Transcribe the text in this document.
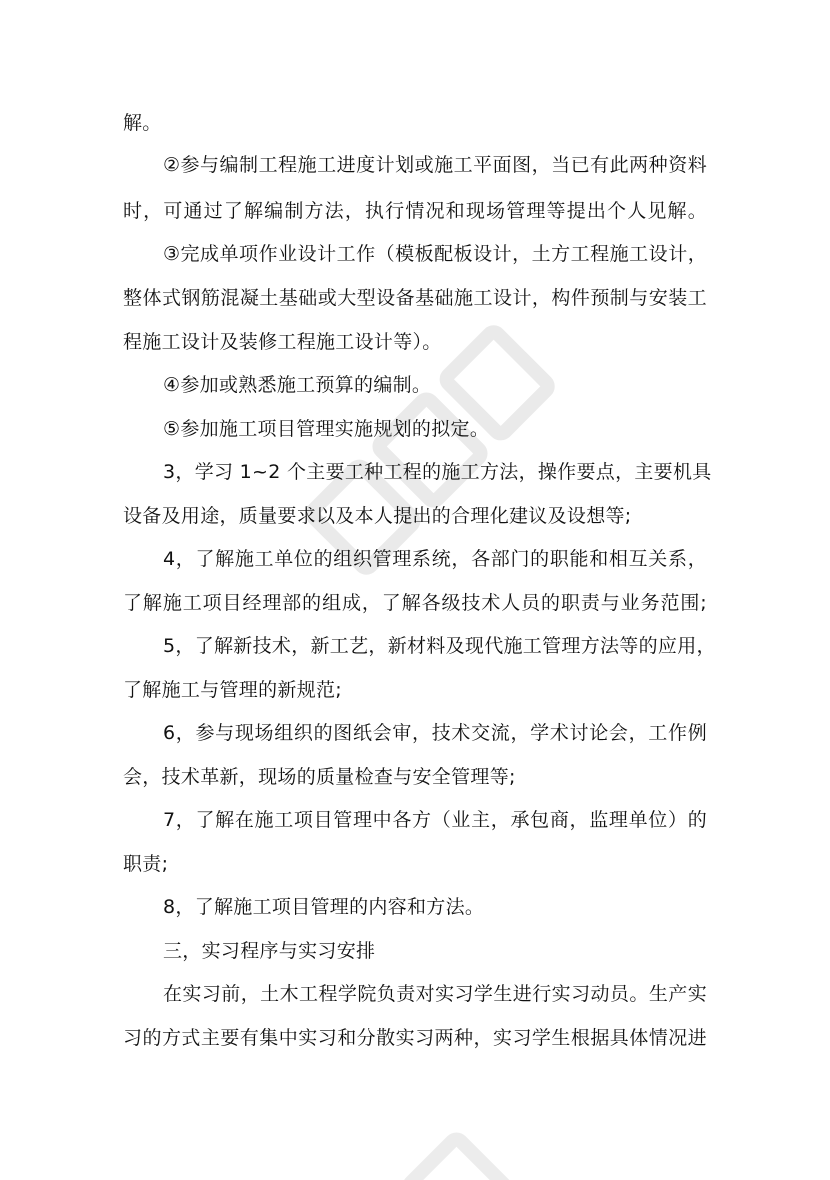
解。
②参与编制工程施工进度计划或施工平面图，当已有此两种资料
时，可通过了解编制方法，执行情况和现场管理等提出个人见解。
③完成单项作业设计工作（模板配板设计，土方工程施工设计，
整体式钢筋混凝土基础或大型设备基础施工设计，构件预制与安装工
程施工设计及装修工程施工设计等）。
④参加或熟悉施工预算的编制。
⑤参加施工项目管理实施规划的拟定。
3，学习 1~2 个主要工种工程的施工方法，操作要点，主要机具
设备及用途，质量要求以及本人提出的合理化建议及设想等;
4，了解施工单位的组织管理系统，各部门的职能和相互关系，
了解施工项目经理部的组成，了解各级技术人员的职责与业务范围;
5，了解新技术，新工艺，新材料及现代施工管理方法等的应用，
了解施工与管理的新规范;
6，参与现场组织的图纸会审，技术交流，学术讨论会，工作例
会，技术革新，现场的质量检查与安全管理等;
7，了解在施工项目管理中各方（业主，承包商，监理单位）的
职责;
8，了解施工项目管理的内容和方法。
三，实习程序与实习安排
在实习前，土木工程学院负责对实习学生进行实习动员。生产实
习的方式主要有集中实习和分散实习两种，实习学生根据具体情况进
